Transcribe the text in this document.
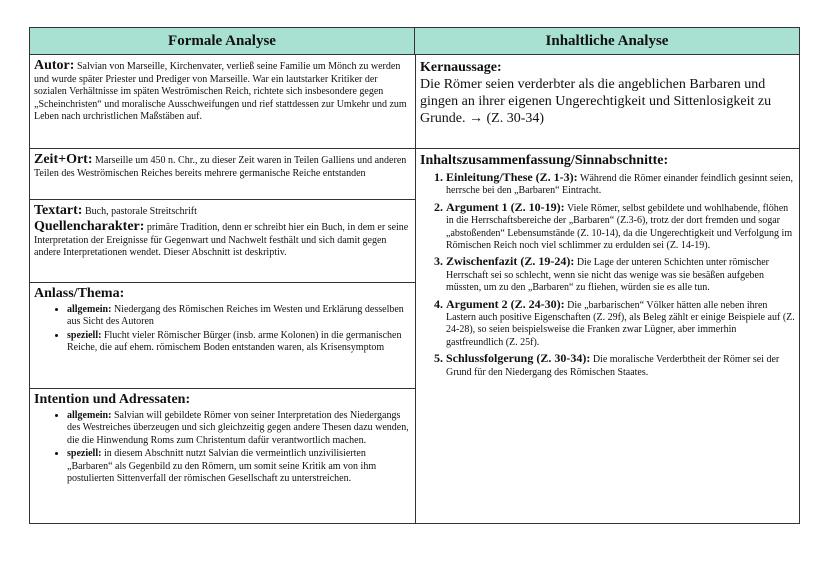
Formale Analyse	Inhaltliche Analyse
Autor: Salvian von Marseille, Kirchenvater, verließ seine Familie um Mönch zu werden und wurde später Priester und Prediger von Marseille. War ein lautstarker Kritiker der sozialen Verhältnisse im späten Weströmischen Reich, richtete sich insbesondere gegen „Scheinchristen“ und moralische Ausschweifungen und rief stattdessen zur Umkehr und zum Leben nach urchristlichen Maßstäben auf.
Zeit+Ort: Marseille um 450 n. Chr., zu dieser Zeit waren in Teilen Galliens und anderen Teilen des Weströmischen Reiches bereits mehrere germanische Reiche entstanden
Textart: Buch, pastorale Streitschrift
Quellencharakter: primäre Tradition, denn er schreibt hier ein Buch, in dem er seine Interpretation der Ereignisse für Gegenwart und Nachwelt festhält und sich damit gegen andere Interpretationen wendet. Dieser Abschnitt ist deskriptiv.
Anlass/Thema:
• allgemein: Niedergang des Römischen Reiches im Westen und Erklärung desselben aus Sicht des Autoren
• speziell: Flucht vieler Römischer Bürger (insb. arme Kolonen) in die germanischen Reiche, die auf ehem. römischem Boden entstanden waren, als Krisensymptom
Intention und Adressaten:
• allgemein: Salvian will gebildete Römer von seiner Interpretation des Niedergangs des Westreiches überzeugen und sich gleichzeitig gegen andere Thesen dazu wenden, die die Hinwendung Roms zum Christentum dafür verantwortlich machen.
• speziell: in diesem Abschnitt nutzt Salvian die vermeintlich unzivilisierten „Barbaren“ als Gegenbild zu den Römern, um somit seine Kritik am von ihm postulierten Sittenverfall der römischen Gesellschaft zu unterstreichen.
Kernaussage:
Die Römer seien verderbter als die angeblichen Barbaren und gingen an ihrer eigenen Ungerechtigkeit und Sittenlosigkeit zu Grunde. → (Z. 30-34)
Inhaltszusammenfassung/Sinnabschnitte:
1. Einleitung/These (Z. 1-3): Während die Römer einander feindlich gesinnt seien, herrsche bei den „Barbaren“ Eintracht.
2. Argument 1 (Z. 10-19): Viele Römer, selbst gebildete und wohlhabende, flöhen in die Herrschaftsbereiche der „Barbaren“ (Z.3-6), trotz der dort fremden und sogar „abstoßenden“ Lebensumstände (Z. 10-14), da die Ungerechtigkeit und Verfolgung im Römischen Reich noch viel schlimmer zu erdulden sei (Z. 14-19).
3. Zwischenfazit (Z. 19-24): Die Lage der unteren Schichten unter römischer Herrschaft sei so schlecht, wenn sie nicht das wenige was sie besäßen aufgeben müssten, um zu den „Barbaren“ zu fliehen, würden sie es alle tun.
4. Argument 2 (Z. 24-30): Die „barbarischen“ Völker hätten alle neben ihren Lastern auch positive Eigenschaften (Z. 29f), als Beleg zählt er einige Beispiele auf (Z. 24-28), so seien beispielsweise die Franken zwar Lügner, aber immerhin gastfreundlich (Z. 25f).
5. Schlussfolgerung (Z. 30-34): Die moralische Verderbtheit der Römer sei der Grund für den Niedergang des Römischen Staates.
